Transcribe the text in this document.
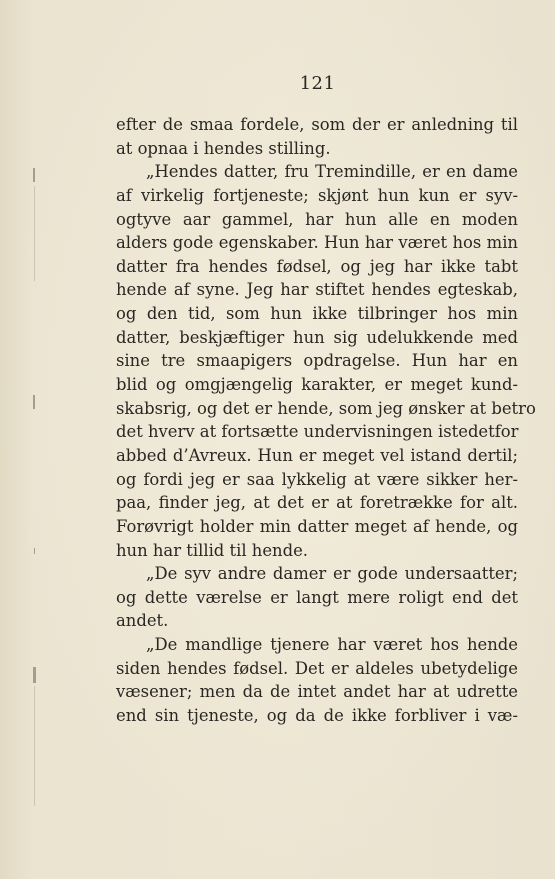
121
efter de smaa fordele, som der er anledning til
at opnaa i hendes stilling.
„Hendes datter, fru Tremindille, er en dame
af virkelig fortjeneste; skjønt hun kun er syv-
ogtyve aar gammel, har hun alle en moden
alders gode egenskaber. Hun har været hos min
datter fra hendes fødsel, og jeg har ikke tabt
hende af syne. Jeg har stiftet hendes egteskab,
og den tid, som hun ikke tilbringer hos min
datter, beskjæftiger hun sig udelukkende med
sine tre smaapigers opdragelse. Hun har en
blid og omgjængelig karakter, er meget kund-
skabsrig, og det er hende, som jeg ønsker at betro
det hverv at fortsætte undervisningen istedetfor
abbed d’Avreux. Hun er meget vel istand dertil;
og fordi jeg er saa lykkelig at være sikker her-
paa, finder jeg, at det er at foretrække for alt.
Forøvrigt holder min datter meget af hende, og
hun har tillid til hende.
„De syv andre damer er gode undersaatter;
og dette værelse er langt mere roligt end det
andet.
„De mandlige tjenere har været hos hende
siden hendes fødsel. Det er aldeles ubetydelige
væsener; men da de intet andet har at udrette
end sin tjeneste, og da de ikke forbliver i væ-
